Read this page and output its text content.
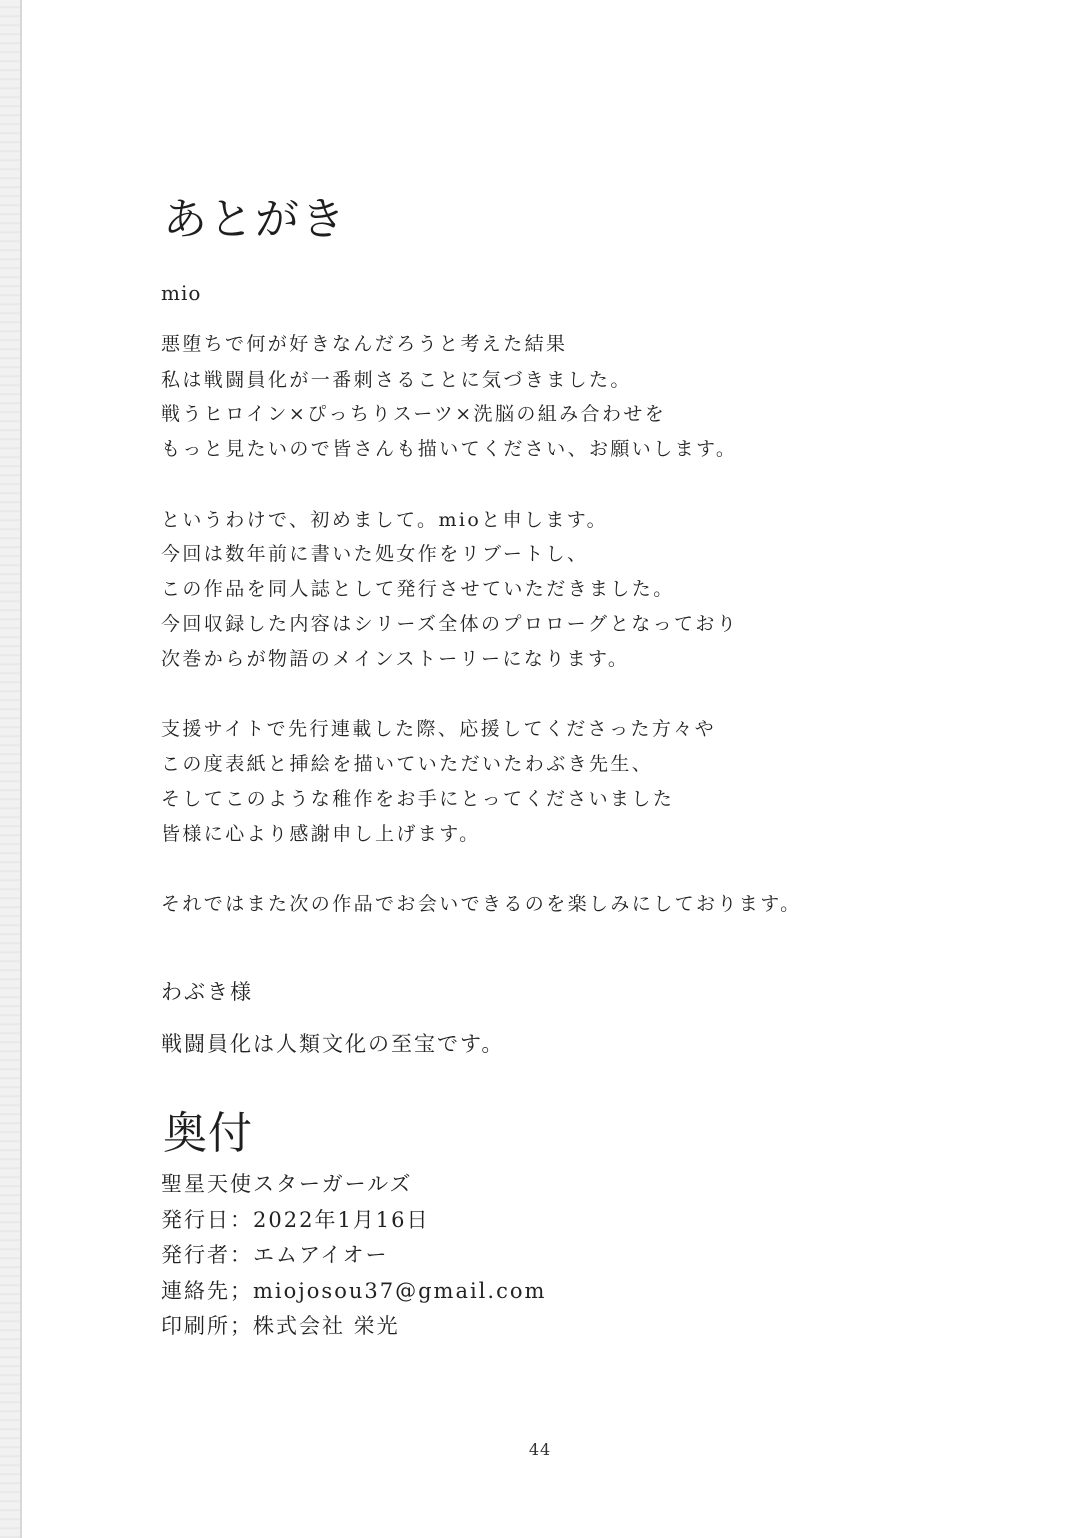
あとがき
mio
悪堕ちで何が好きなんだろうと考えた結果
私は戦闘員化が一番刺さることに気づきました。
戦うヒロイン×ぴっちりスーツ×洗脳の組み合わせを
もっと見たいので皆さんも描いてください、お願いします。
というわけで、初めまして。mioと申します。
今回は数年前に書いた処女作をリブートし、
この作品を同人誌として発行させていただきました。
今回収録した内容はシリーズ全体のプロローグとなっており
次巻からが物語のメインストーリーになります。
支援サイトで先行連載した際、応援してくださった方々や
この度表紙と挿絵を描いていただいたわぶき先生、
そしてこのような稚作をお手にとってくださいました
皆様に心より感謝申し上げます。
それではまた次の作品でお会いできるのを楽しみにしております。
わぶき様
戦闘員化は人類文化の至宝です。
奥付
聖星天使スターガールズ
発行日：2022年1月16日
発行者：エムアイオー
連絡先；miojosou37@gmail.com
印刷所；株式会社 栄光
44
